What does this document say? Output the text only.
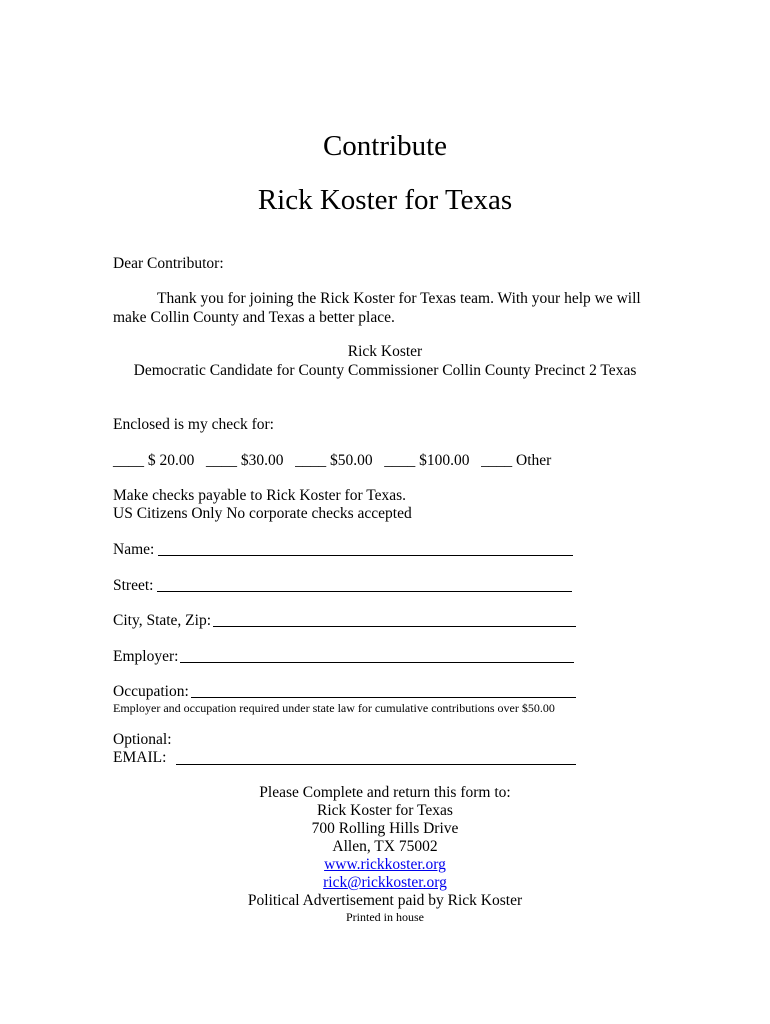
Contribute
Rick Koster for Texas
Dear Contributor:
Thank you for joining the Rick Koster for Texas team. With your help we will
make Collin County and Texas a better place.
Rick Koster
Democratic Candidate for County Commissioner Collin County Precinct 2 Texas
Enclosed is my check for:
____ $ 20.00 ____ $30.00 ____ $50.00 ____ $100.00 ____ Other
Make checks payable to Rick Koster for Texas.
US Citizens Only No corporate checks accepted
Name:
Street:
City, State, Zip:
Employer:
Occupation:
Employer and occupation required under state law for cumulative contributions over $50.00
Optional:
EMAIL:
Please Complete and return this form to:
Rick Koster for Texas
700 Rolling Hills Drive
Allen, TX 75002
www.rickkoster.org
rick@rickkoster.org
Political Advertisement paid by Rick Koster
Printed in house
